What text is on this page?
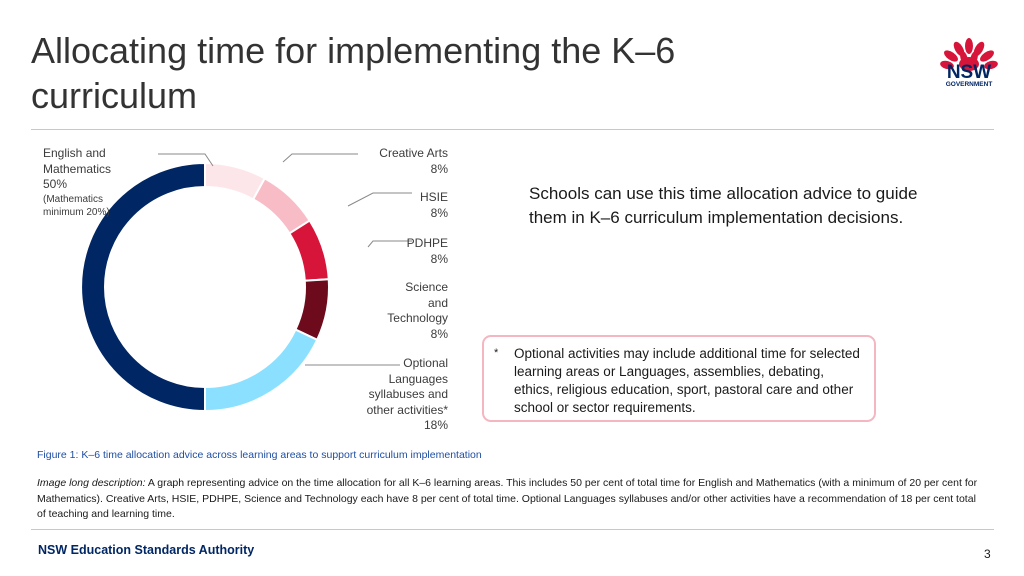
Allocating time for implementing the K–6 curriculum
NSW
GOVERNMENT
English and
Mathematics
50%
(Mathematics
minimum 20%)
Creative Arts
8%
HSIE
8%
PDHPE
8%
Science
and
Technology
8%
Optional
Languages
syllabuses and
other activities*
18%
Schools can use this time allocation advice to guide them in K–6 curriculum implementation decisions.
* Optional activities may include additional time for selected learning areas or Languages, assemblies, debating, ethics, religious education, sport, pastoral care and other school or sector requirements.
Figure 1: K–6 time allocation advice across learning areas to support curriculum implementation
Image long description: A graph representing advice on the time allocation for all K–6 learning areas. This includes 50 per cent of total time for English and Mathematics (with a minimum of 20 per cent for Mathematics). Creative Arts, HSIE, PDHPE, Science and Technology each have 8 per cent of total time. Optional Languages syllabuses and/or other activities have a recommendation of 18 per cent total of teaching and learning time.
NSW Education Standards Authority	3
